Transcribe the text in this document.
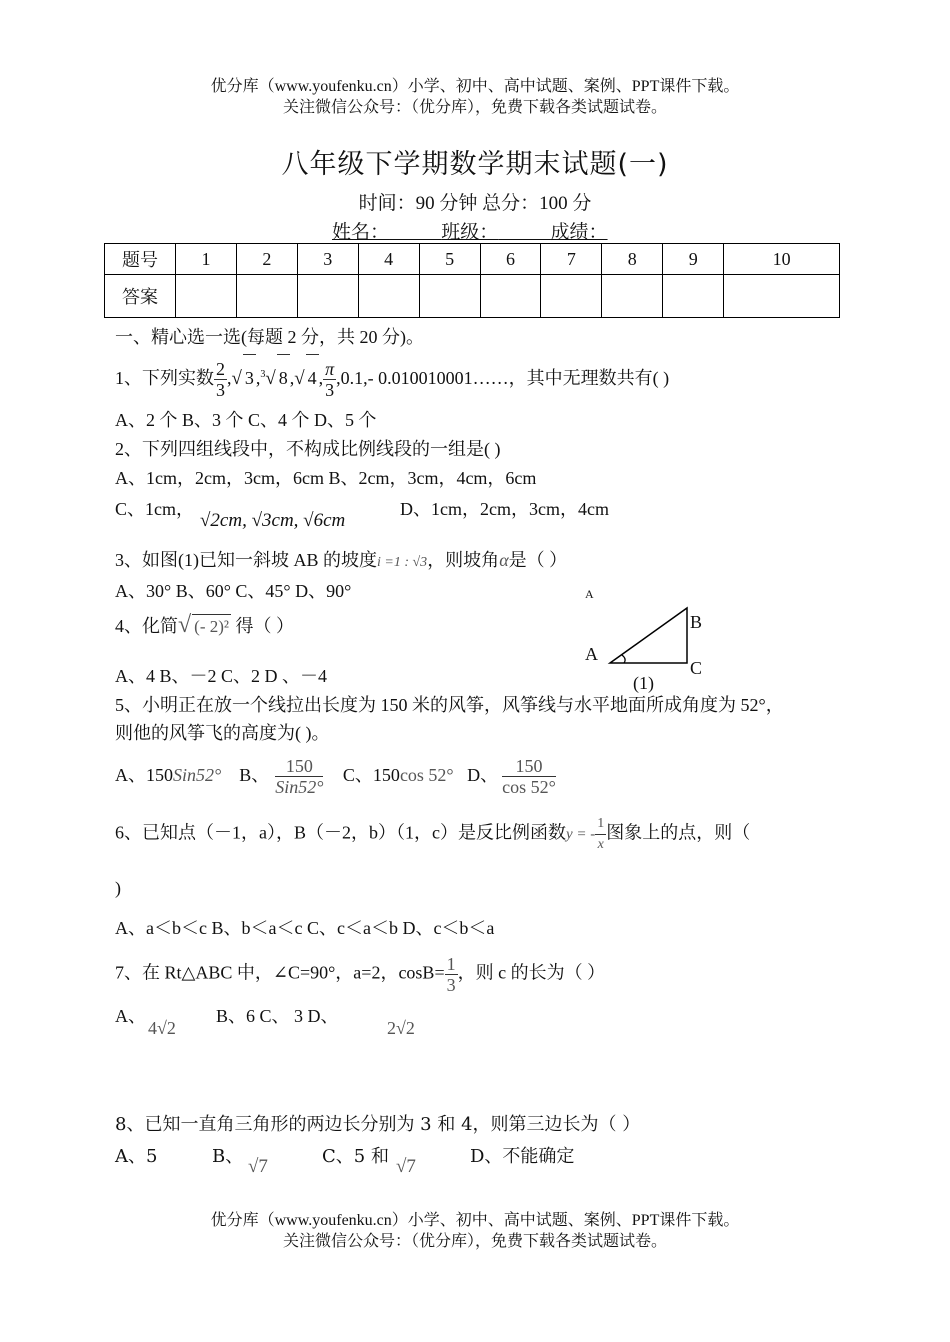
优分库（www.youfenku.cn）小学、初中、高中试题、案例、PPT课件下载。
关注微信公众号：（优分库），免费下载各类试题试卷。
八年级下学期数学期末试题(一)
时间：90 分钟 总分：100 分
姓名：	班级：	成绩：
题号	1	2	3	4	5	6	7	8	9	10
答案										
一、精心选一选(每题 2 分，共 20 分)。
1、下列实数 $\frac{2}{3}$ ,√ 3 ,$^3$√ 8 ,√ 4 , $\frac{\pi}{3} ,0.1,-$ 0.010010001……，其中无理数共有( )
A、2 个 B、3 个 C、4 个 D、5 个
2、下列四组线段中，不构成比例线段的一组是( )
A、1cm，2cm，3cm，6cm B、2cm，3cm，4cm，6cm
C、1cm，
√2cm, √3cm, √6cm
D、1cm，2cm，3cm，4cm
3、如图(1)已知一斜坡 AB 的坡度i =1 : √3，则坡角α是（ ）
A、30° B、60° C、45° D、90°	A
A
B
C
(1)
4、化简√ (- 2)² 得（ ）
A、4 B、－2 C、2 D 、－4
5、小明正在放一个线拉出长度为 150 米的风筝，风筝线与水平地面所成角度为 52°，
则他的风筝飞的高度为( )。
A、150Sin52° B、 $\frac{150}{\text{Sin52°}}$ C、150cos 52° D、 $\frac{150}{\cos 52^\circ}$
6、已知点（－1，a），B（－2，b）（1，c）是反比例函数y = - $\frac{1}{x}$ 图象上的点，则（
)
A、a＜b＜c B、b＜a＜c C、c＜a＜b D、c＜b＜a
7、在 Rt△ABC 中，∠C=90°，a=2，$\cos B= \frac{1}{3}$ ，则 c 的长为（ ）
A、
4√2
B、6 C、 3 D、
2√2
8、已知一直角三角形的两边长分别为 3 和 4，则第三边长为（ ）
A、5	B、 √7	C、5 和 √7	D、不能确定
优分库（www.youfenku.cn）小学、初中、高中试题、案例、PPT课件下载。
关注微信公众号：（优分库），免费下载各类试题试卷。
